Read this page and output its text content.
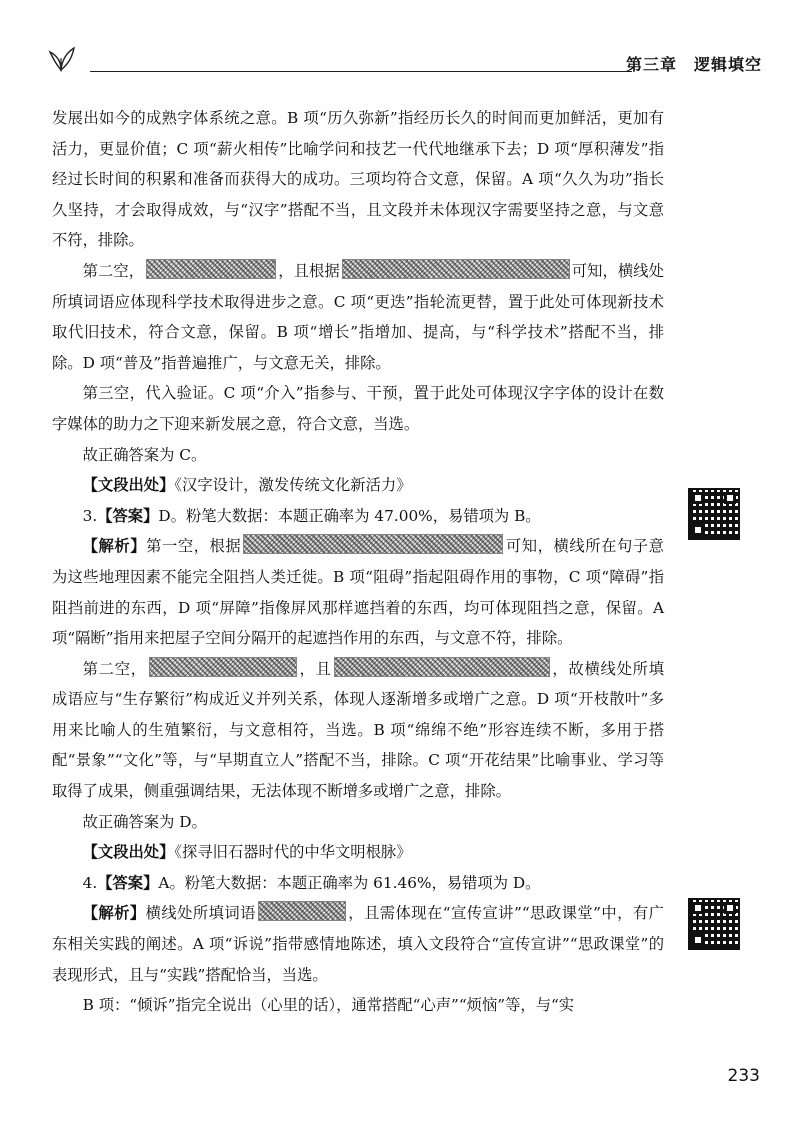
第三章　逻辑填空

发展出如今的成熟字体系统之意。B 项“历久弥新”指经历长久的时间而更加鲜活，更加有活力，更显价值；C 项“薪火相传”比喻学问和技艺一代代地继承下去；D 项“厚积薄发”指经过长时间的积累和准备而获得大的成功。三项均符合文意，保留。A 项“久久为功”指长久坚持，才会取得成效，与“汉字”搭配不当，且文段并未体现汉字需要坚持之意，与文意不符，排除。

第二空，	，且根据	可知，横线处所填词语应体现科学技术取得进步之意。C 项“更迭”指轮流更替，置于此处可体现新技术取代旧技术，符合文意，保留。B 项“增长”指增加、提高，与“科学技术”搭配不当，排除。D 项“普及”指普遍推广，与文意无关，排除。

第三空，代入验证。C 项“介入”指参与、干预，置于此处可体现汉字字体的设计在数字媒体的助力之下迎来新发展之意，符合文意，当选。

故正确答案为 C。

【文段出处】《汉字设计，激发传统文化新活力》

3.【答案】D。粉笔大数据：本题正确率为 47.00%，易错项为 B。

【解析】第一空，根据	可知，横线所在句子意为这些地理因素不能完全阻挡人类迁徙。B 项“阻碍”指起阻碍作用的事物，C 项“障碍”指阻挡前进的东西，D 项“屏障”指像屏风那样遮挡着的东西，均可体现阻挡之意，保留。A 项“隔断”指用来把屋子空间分隔开的起遮挡作用的东西，与文意不符，排除。

第二空，	，且	，故横线处所填成语应与“生存繁衍”构成近义并列关系，体现人逐渐增多或增广之意。D 项“开枝散叶”多用来比喻人的生殖繁衍，与文意相符，当选。B 项“绵绵不绝”形容连续不断，多用于搭配“景象”“文化”等，与“早期直立人”搭配不当，排除。C 项“开花结果”比喻事业、学习等取得了成果，侧重强调结果，无法体现不断增多或增广之意，排除。

故正确答案为 D。

【文段出处】《探寻旧石器时代的中华文明根脉》

4.【答案】A。粉笔大数据：本题正确率为 61.46%，易错项为 D。

【解析】横线处所填词语	，且需体现在“宣传宣讲”“思政课堂”中，有广东相关实践的阐述。A 项“诉说”指带感情地陈述，填入文段符合“宣传宣讲”“思政课堂”的表现形式，且与“实践”搭配恰当，当选。

B 项：“倾诉”指完全说出（心里的话），通常搭配“心声”“烦恼”等，与“实

233
